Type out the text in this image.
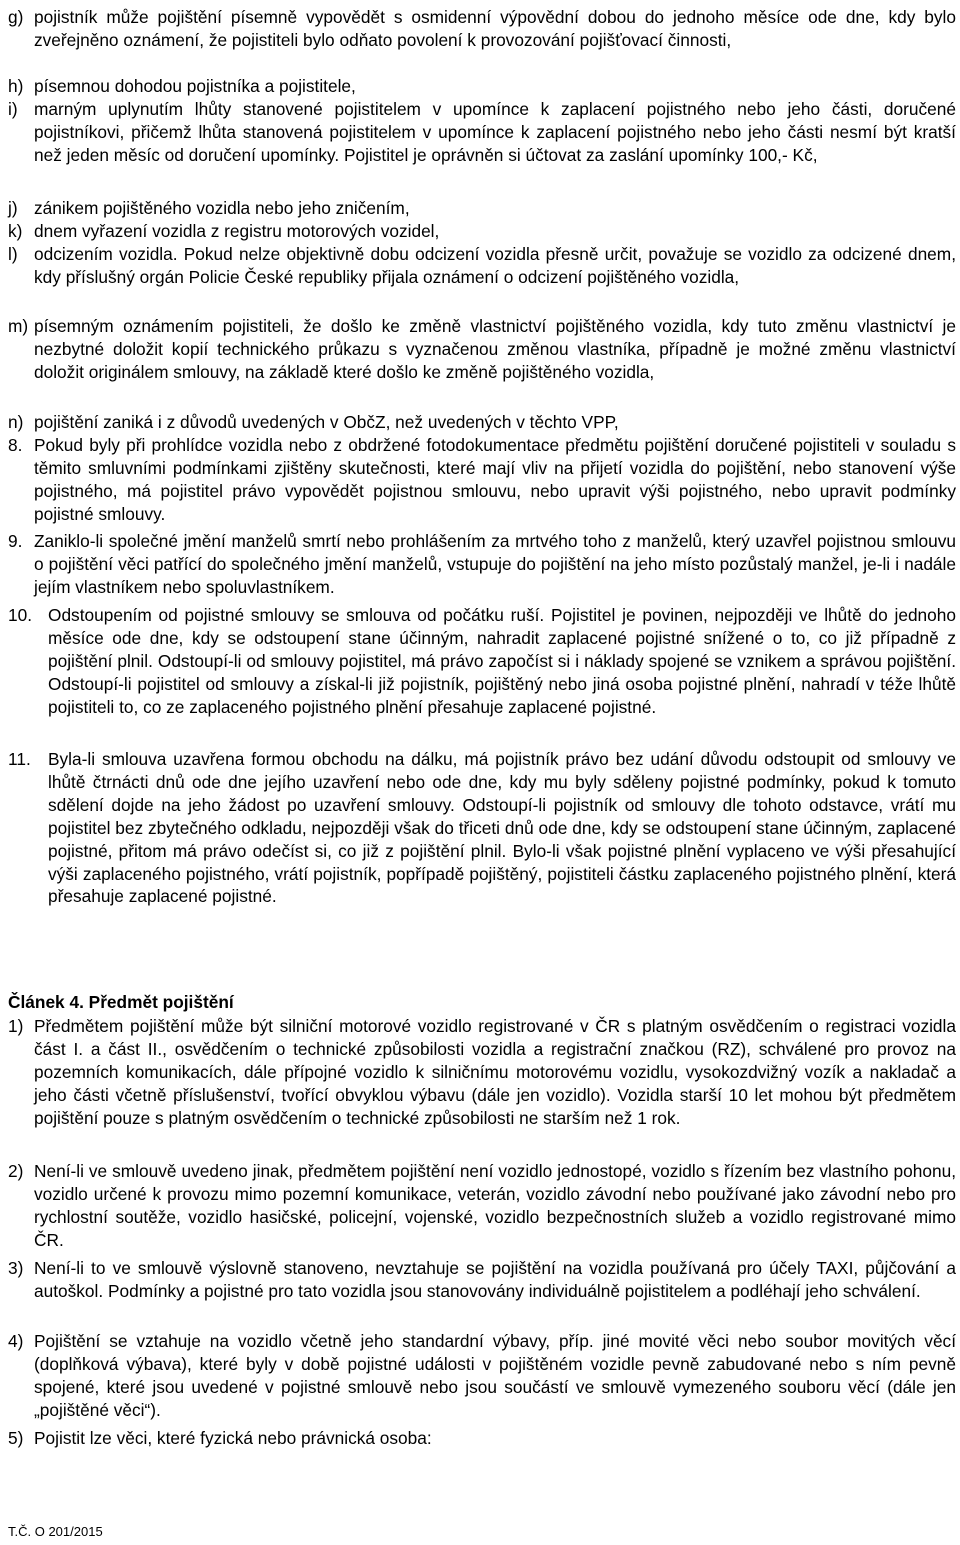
g) pojistník může pojištění písemně vypovědět s osmidenní výpovědní dobou do jednoho měsíce ode dne, kdy bylo zveřejněno oznámení, že pojistiteli bylo odňato povolení k provozování pojišťovací činnosti,
h) písemnou dohodou pojistníka a pojistitele,
i) marným uplynutím lhůty stanovené pojistitelem v upomínce k zaplacení pojistného nebo jeho části, doručené pojistníkovi, přičemž lhůta stanovená pojistitelem v upomínce k zaplacení pojistného nebo jeho části nesmí být kratší než jeden měsíc od doručení upomínky. Pojistitel je oprávněn si účtovat za zaslání upomínky 100,- Kč,
j) zánikem pojištěného vozidla nebo jeho zničením,
k) dnem vyřazení vozidla z registru motorových vozidel,
l) odcizením vozidla. Pokud nelze objektivně dobu odcizení vozidla přesně určit, považuje se vozidlo za odcizené dnem, kdy příslušný orgán Policie České republiky přijala oznámení o odcizení pojištěného vozidla,
m) písemným oznámením pojistiteli, že došlo ke změně vlastnictví pojištěného vozidla, kdy tuto změnu vlastnictví je nezbytné doložit kopií technického průkazu s vyznačenou změnou vlastníka, případně je možné změnu vlastnictví doložit originálem smlouvy, na základě které došlo ke změně pojištěného vozidla,
n) pojištění zaniká i z důvodů uvedených v ObčZ, než uvedených v těchto VPP,
8. Pokud byly při prohlídce vozidla nebo z obdržené fotodokumentace předmětu pojištění doručené pojistiteli v souladu s těmito smluvními podmínkami zjištěny skutečnosti, které mají vliv na přijetí vozidla do pojištění, nebo stanovení výše pojistného, má pojistitel právo vypovědět pojistnou smlouvu, nebo upravit výši pojistného, nebo upravit podmínky pojistné smlouvy.
9. Zaniklo-li společné jmění manželů smrtí nebo prohlášením za mrtvého toho z manželů, který uzavřel pojistnou smlouvu o pojištění věci patřící do společného jmění manželů, vstupuje do pojištění na jeho místo pozůstalý manžel, je-li i nadále jejím vlastníkem nebo spoluvlastníkem.
10. Odstoupením od pojistné smlouvy se smlouva od počátku ruší. Pojistitel je povinen, nejpozději ve lhůtě do jednoho měsíce ode dne, kdy se odstoupení stane účinným, nahradit zaplacené pojistné snížené o to, co již případně z pojištění plnil. Odstoupí-li od smlouvy pojistitel, má právo započíst si i náklady spojené se vznikem a správou pojištění. Odstoupí-li pojistitel od smlouvy a získal-li již pojistník, pojištěný nebo jiná osoba pojistné plnění, nahradí v téže lhůtě pojistiteli to, co ze zaplaceného pojistného plnění přesahuje zaplacené pojistné.
11. Byla-li smlouva uzavřena formou obchodu na dálku, má pojistník právo bez udání důvodu odstoupit od smlouvy ve lhůtě čtrnácti dnů ode dne jejího uzavření nebo ode dne, kdy mu byly sděleny pojistné podmínky, pokud k tomuto sdělení dojde na jeho žádost po uzavření smlouvy. Odstoupí-li pojistník od smlouvy dle tohoto odstavce, vrátí mu pojistitel bez zbytečného odkladu, nejpozději však do třiceti dnů ode dne, kdy se odstoupení stane účinným, zaplacené pojistné, přitom má právo odečíst si, co již z pojištění plnil. Bylo-li však pojistné plnění vyplaceno ve výši přesahující výši zaplaceného pojistného, vrátí pojistník, popřípadě pojištěný, pojistiteli částku zaplaceného pojistného plnění, která přesahuje zaplacené pojistné.
Článek 4. Předmět pojištění
1) Předmětem pojištění může být silniční motorové vozidlo registrované v ČR s platným osvědčením o registraci vozidla část I. a část II., osvědčením o technické způsobilosti vozidla a registrační značkou (RZ), schválené pro provoz na pozemních komunikacích, dále přípojné vozidlo k silničnímu motorovému vozidlu, vysokozdvižný vozík a nakladač a jeho části včetně příslušenství, tvořící obvyklou výbavu (dále jen vozidlo). Vozidla starší 10 let mohou být předmětem pojištění pouze s platným osvědčením o technické způsobilosti ne starším než 1 rok.
2) Není-li ve smlouvě uvedeno jinak, předmětem pojištění není vozidlo jednostopé, vozidlo s řízením bez vlastního pohonu, vozidlo určené k provozu mimo pozemní komunikace, veterán, vozidlo závodní nebo používané jako závodní nebo pro rychlostní soutěže, vozidlo hasičské, policejní, vojenské, vozidlo bezpečnostních služeb a vozidlo registrované mimo ČR.
3) Není-li to ve smlouvě výslovně stanoveno, nevztahuje se pojištění na vozidla používaná pro účely TAXI, půjčování a autoškol. Podmínky a pojistné pro tato vozidla jsou stanovovány individuálně pojistitelem a podléhají jeho schválení.
4) Pojištění se vztahuje na vozidlo včetně jeho standardní výbavy, příp. jiné movité věci nebo soubor movitých věcí (doplňková výbava), které byly v době pojistné události v pojištěném vozidle pevně zabudované nebo s ním pevně spojené, které jsou uvedené v pojistné smlouvě nebo jsou součástí ve smlouvě vymezeného souboru věcí (dále jen „pojištěné věci“).
5) Pojistit lze věci, které fyzická nebo právnická osoba:
T.Č. O 201/2015
